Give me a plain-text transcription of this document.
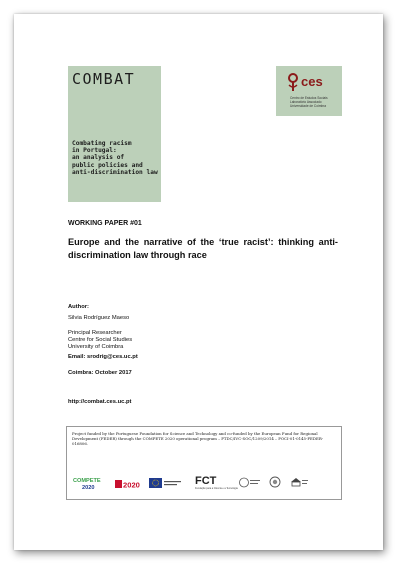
COMBAT
Combating racism
in Portugal:
an analysis of
public policies and
anti-discrimination law
ces
Centro de Estudos Sociais Laboratório Associado Universidade de Coimbra
WORKING PAPER #01
Europe and the narrative of the ‘true racist’: thinking anti-discrimination law through race
Author:
Silvia Rodríguez Maeso
Principal Researcher
Centre for Social Studies
University of Coimbra
Email: srodrig@ces.uc.pt
Coimbra: October 2017
http://combat.ces.uc.pt
Project funded by the Portuguese Foundation for Science and Technology and co-funded by the European Fund for Regional Development (FEDER) through the COMPETE 2020 operational program – PTDC/IVC-SOC/1209/2014 – POCI-01-0145-FEDER-016806.
COMPETE
2020	2020	FCT
Fundação para a Ciência e a Tecnologia
